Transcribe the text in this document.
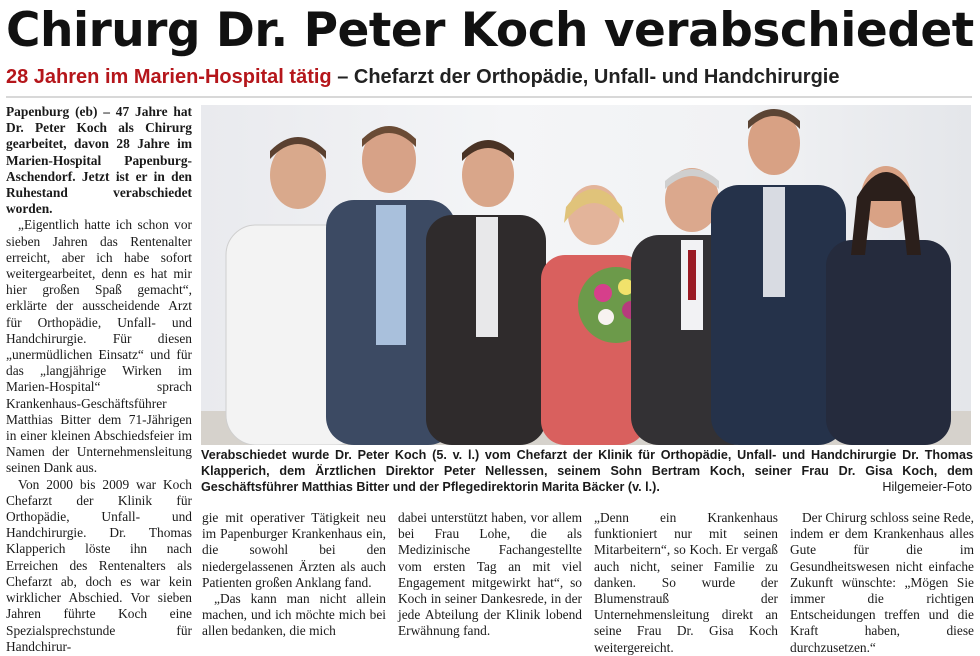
Chirurg Dr. Peter Koch verabschiedet
28 Jahren im Marien-Hospital tätig – Chefarzt der Orthopädie, Unfall- und Handchirurgie

Papenburg (eb) – 47 Jahre hat Dr. Peter Koch als Chirurg gearbeitet, davon 28 Jahre im Marien-Hospital Papenburg-Aschendorf. Jetzt ist er in den Ruhestand verabschiedet worden.

„Eigentlich hatte ich schon vor sieben Jahren das Rentenalter erreicht, aber ich habe sofort weitergearbeitet, denn es hat mir hier großen Spaß gemacht“, erklärte der ausscheidende Arzt für Orthopädie, Unfall- und Handchirurgie. Für diesen „unermüdlichen Einsatz“ und für das „langjährige Wirken im Marien-Hospital“ sprach Krankenhaus-Geschäftsführer Matthias Bitter dem 71-Jährigen in einer kleinen Abschiedsfeier im Namen der Unternehmensleitung seinen Dank aus.

Von 2000 bis 2009 war Koch Chefarzt der Klinik für Orthopädie, Unfall- und Handchirurgie. Dr. Thomas Klapperich löste ihn nach Erreichen des Rentenalters als Chefarzt ab, doch es war kein wirklicher Abschied. Vor sieben Jahren führte Koch eine Spezialsprechstunde für Handchirur-

Verabschiedet wurde Dr. Peter Koch (5. v. l.) vom Chefarzt der Klinik für Orthopädie, Unfall- und Handchirurgie Dr. Thomas Klapperich, dem Ärztlichen Direktor Peter Nellessen, seinem Sohn Bertram Koch, seiner Frau Dr. Gisa Koch, dem Geschäftsführer Matthias Bitter und der Pflegedirektorin Marita Bäcker (v. l.).	Hilgemeier-Foto

gie mit operativer Tätigkeit neu im Papenburger Krankenhaus ein, die sowohl bei den niedergelassenen Ärzten als auch Patienten großen Anklang fand.

„Das kann man nicht allein machen, und ich möchte mich bei allen bedanken, die mich

dabei unterstützt haben, vor allem bei Frau Lohe, die als Medizinische Fachangestellte vom ersten Tag an mit viel Engagement mitgewirkt hat“, so Koch in seiner Dankesrede, in der jede Abteilung der Klinik lobend Erwähnung fand.

„Denn ein Krankenhaus funktioniert nur mit seinen Mitarbeitern“, so Koch. Er vergaß auch nicht, seiner Familie zu danken. So wurde der Blumenstrauß der Unternehmensleitung direkt an seine Frau Dr. Gisa Koch weitergereicht.

Der Chirurg schloss seine Rede, indem er dem Krankenhaus alles Gute für die im Gesundheitswesen nicht einfache Zukunft wünschte: „Mögen Sie immer die richtigen Entscheidungen treffen und die Kraft haben, diese durchzusetzen.“
